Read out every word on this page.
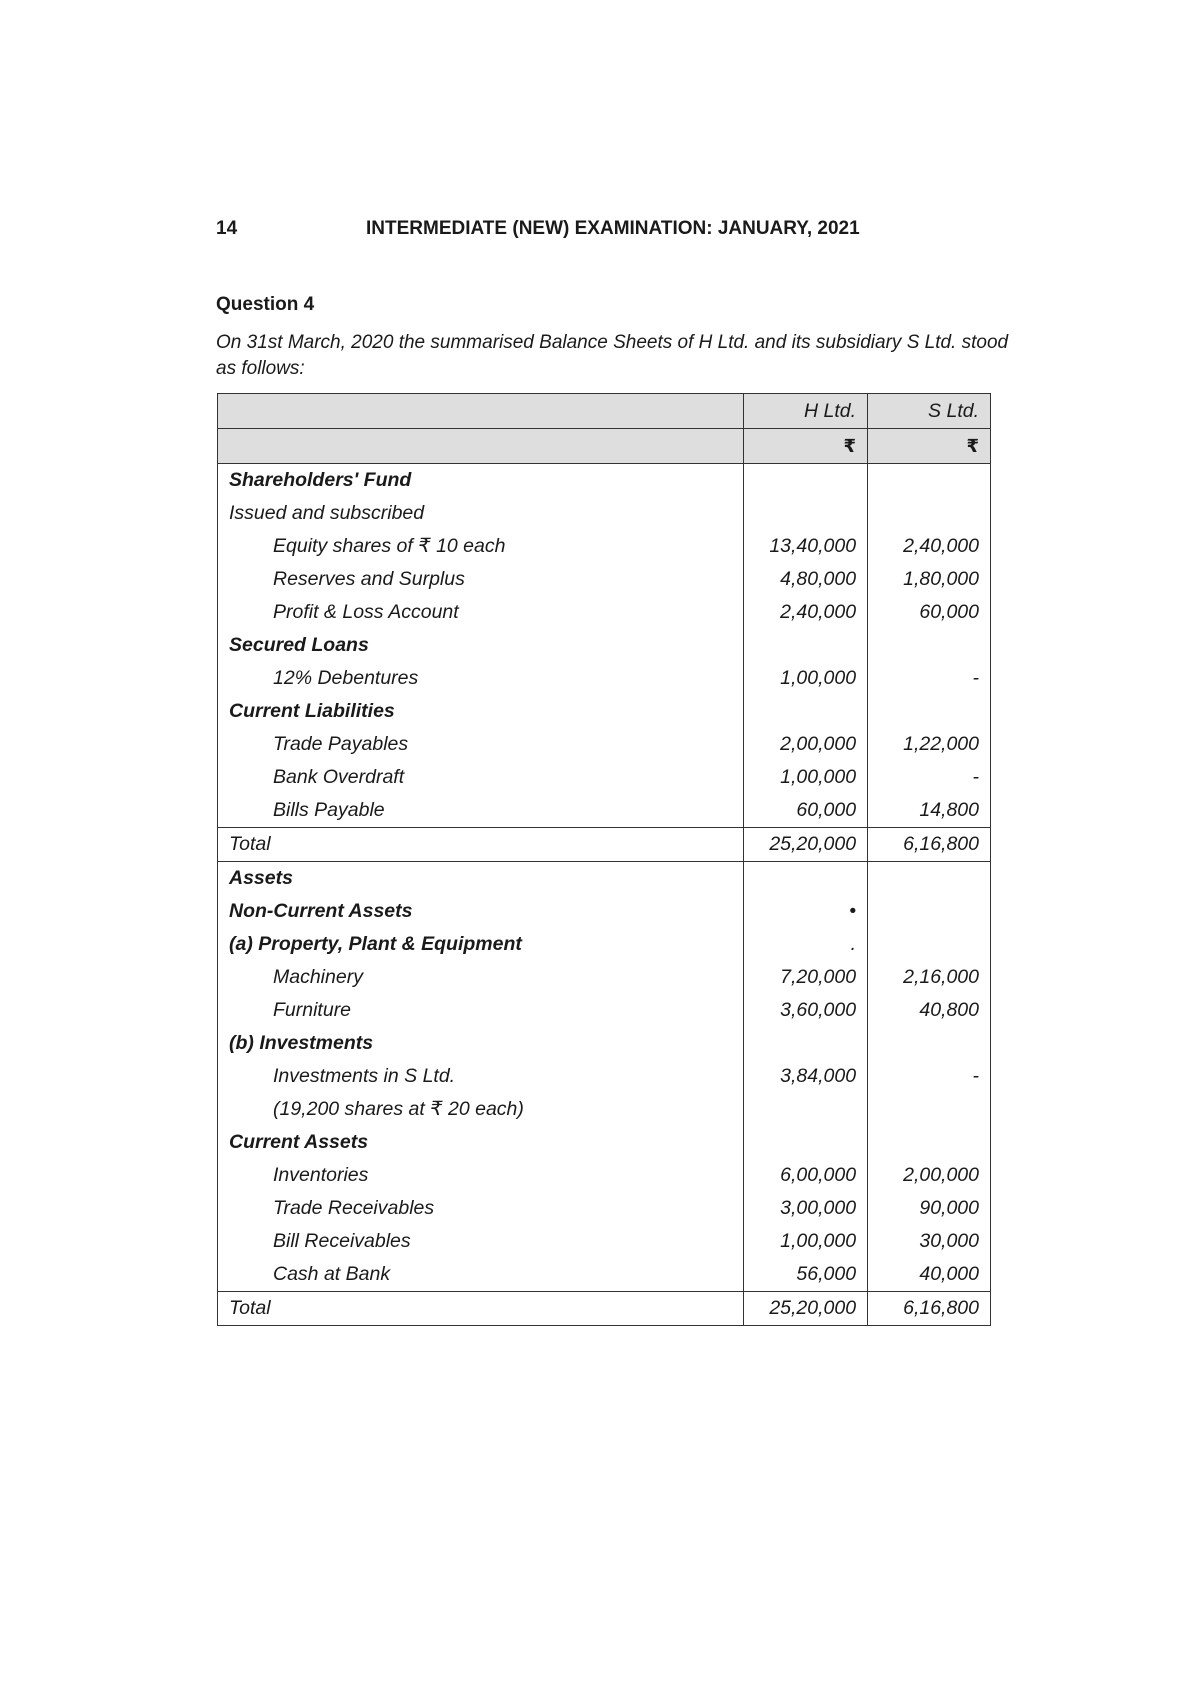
14	INTERMEDIATE (NEW) EXAMINATION: JANUARY, 2021
Question 4
On 31st March, 2020 the summarised Balance Sheets of H Ltd. and its subsidiary S Ltd. stood as follows:
	H Ltd.	S Ltd.
	₹	₹
Shareholders' Fund		
Issued and subscribed		
Equity shares of ₹ 10 each	13,40,000	2,40,000
Reserves and Surplus	4,80,000	1,80,000
Profit & Loss Account	2,40,000	60,000
Secured Loans		
12% Debentures	1,00,000	-
Current Liabilities		
Trade Payables	2,00,000	1,22,000
Bank Overdraft	1,00,000	-
Bills Payable	60,000	14,800
Total	25,20,000	6,16,800
Assets		
Non-Current Assets	•	
(a) Property, Plant & Equipment	.	
Machinery	7,20,000	2,16,000
Furniture	3,60,000	40,800
(b) Investments		
Investments in S Ltd.	3,84,000	-
(19,200 shares at ₹ 20 each)		
Current Assets		
Inventories	6,00,000	2,00,000
Trade Receivables	3,00,000	90,000
Bill Receivables	1,00,000	30,000
Cash at Bank	56,000	40,000
Total	25,20,000	6,16,800
